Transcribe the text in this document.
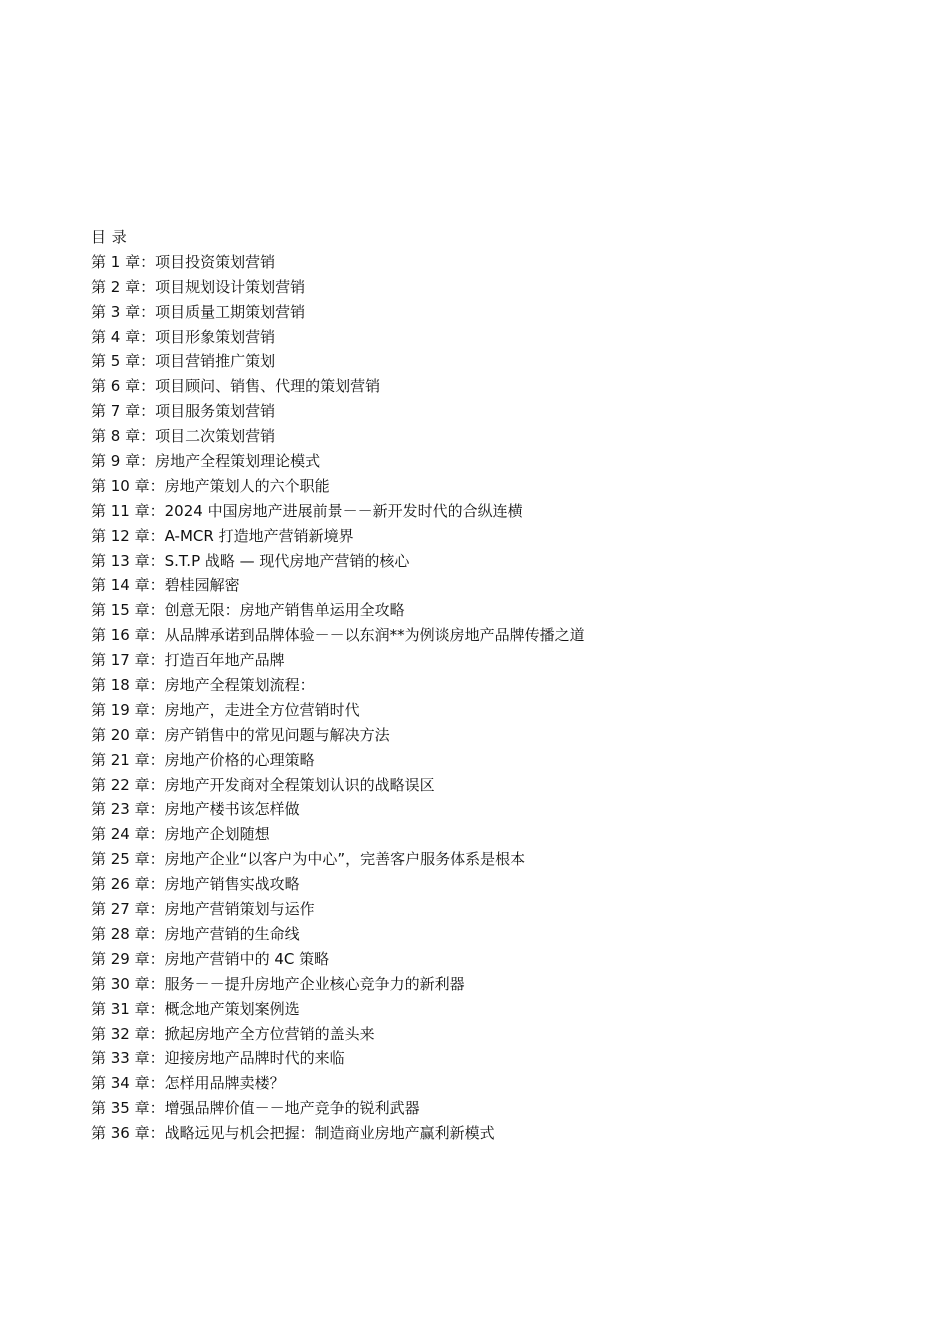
目 录
第 1 章：项目投资策划营销
第 2 章：项目规划设计策划营销
第 3 章：项目质量工期策划营销
第 4 章：项目形象策划营销
第 5 章：项目营销推广策划
第 6 章：项目顾问、销售、代理的策划营销
第 7 章：项目服务策划营销
第 8 章：项目二次策划营销
第 9 章：房地产全程策划理论模式
第 10 章：房地产策划人的六个职能
第 11 章：2024 中国房地产进展前景－－新开发时代的合纵连横
第 12 章：A-MCR 打造地产营销新境界
第 13 章：S.T.P 战略 — 现代房地产营销的核心
第 14 章：碧桂园解密
第 15 章：创意无限：房地产销售单运用全攻略
第 16 章：从品牌承诺到品牌体验－－以东润**为例谈房地产品牌传播之道
第 17 章：打造百年地产品牌
第 18 章：房地产全程策划流程：
第 19 章：房地产，走进全方位营销时代
第 20 章：房产销售中的常见问题与解决方法
第 21 章：房地产价格的心理策略
第 22 章：房地产开发商对全程策划认识的战略误区
第 23 章：房地产楼书该怎样做
第 24 章：房地产企划随想
第 25 章：房地产企业“以客户为中心”，完善客户服务体系是根本
第 26 章：房地产销售实战攻略
第 27 章：房地产营销策划与运作
第 28 章：房地产营销的生命线
第 29 章：房地产营销中的 4C 策略
第 30 章：服务－－提升房地产企业核心竞争力的新利器
第 31 章：概念地产策划案例选
第 32 章：掀起房地产全方位营销的盖头来
第 33 章：迎接房地产品牌时代的来临
第 34 章：怎样用品牌卖楼？
第 35 章：增强品牌价值－－地产竞争的锐利武器
第 36 章：战略远见与机会把握：制造商业房地产赢利新模式
